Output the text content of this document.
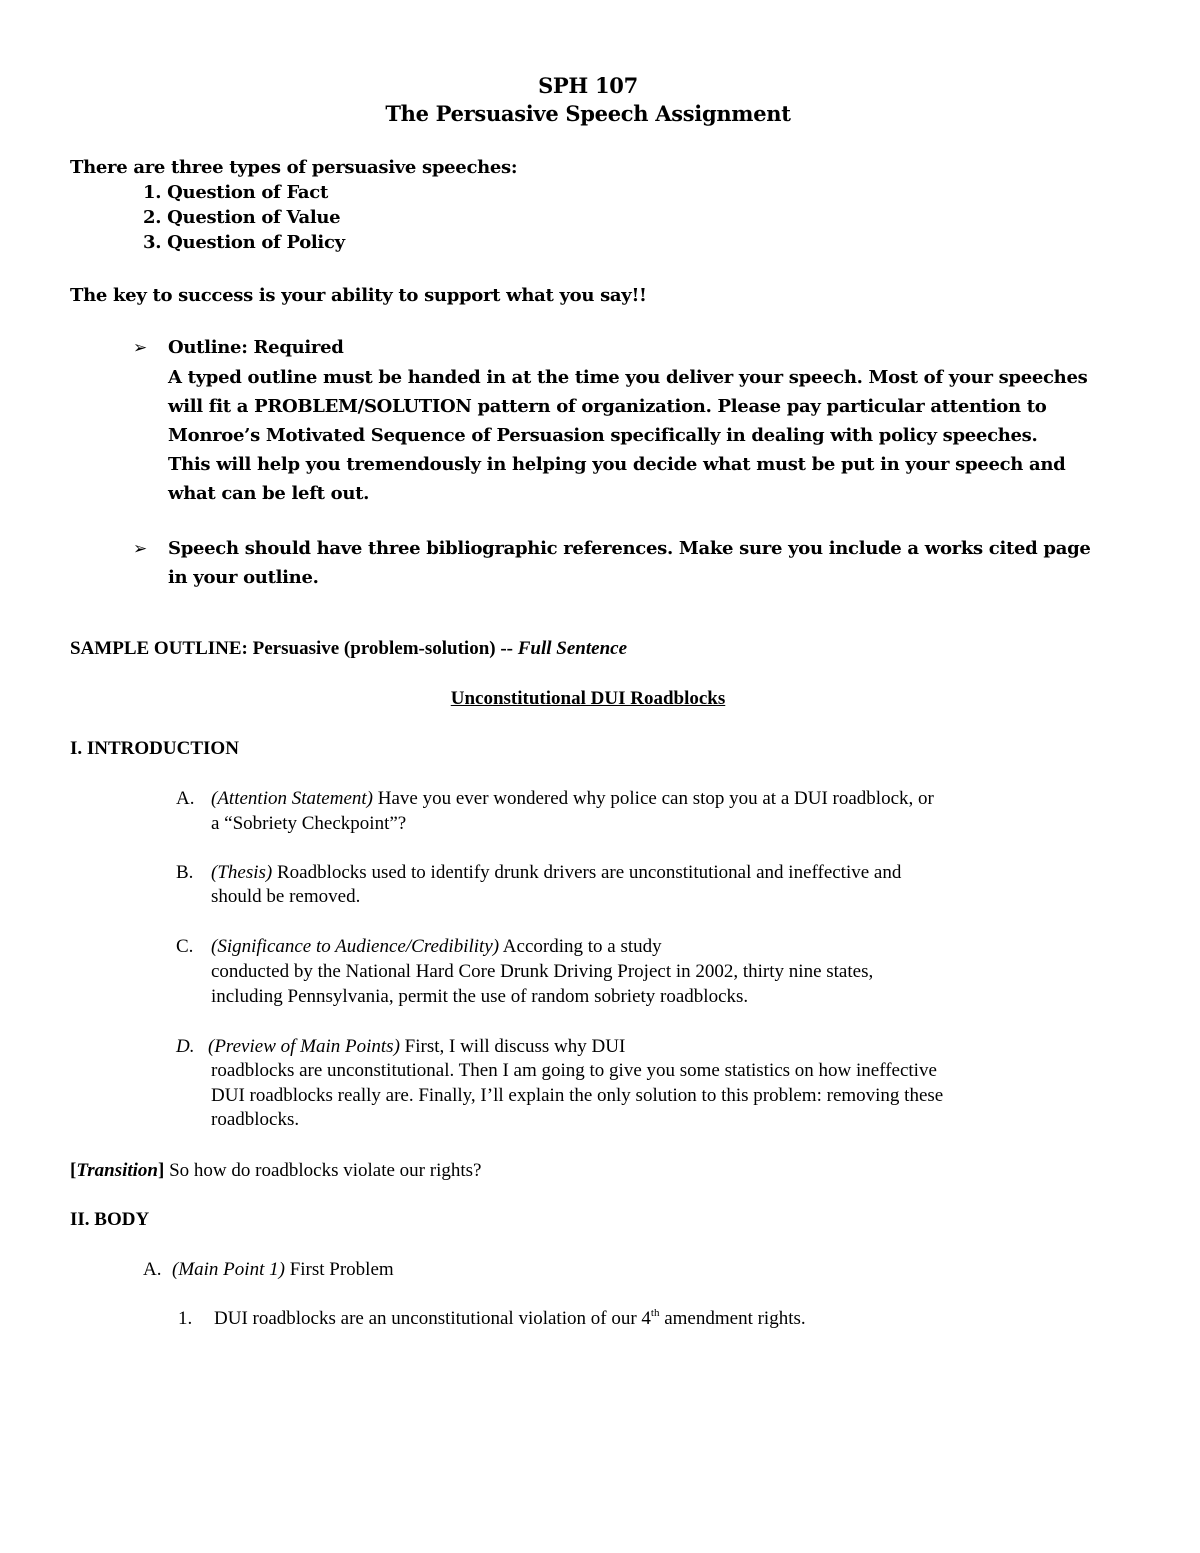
SPH 107
The Persuasive Speech Assignment
There are three types of persuasive speeches:
1. Question of Fact
2. Question of Value
3. Question of Policy
The key to success is your ability to support what you say!!
➢ Outline: Required
A typed outline must be handed in at the time you deliver your speech. Most of your speeches
will fit a PROBLEM/SOLUTION pattern of organization. Please pay particular attention to
Monroe’s Motivated Sequence of Persuasion specifically in dealing with policy speeches.
This will help you tremendously in helping you decide what must be put in your speech and
what can be left out.
➢ Speech should have three bibliographic references. Make sure you include a works cited page
in your outline.
SAMPLE OUTLINE: Persuasive (problem-solution) -- Full Sentence
Unconstitutional DUI Roadblocks
I. INTRODUCTION
A. (Attention Statement) Have you ever wondered why police can stop you at a DUI roadblock, or
a “Sobriety Checkpoint”?
B. (Thesis) Roadblocks used to identify drunk drivers are unconstitutional and ineffective and
should be removed.
C. (Significance to Audience/Credibility) According to a study
conducted by the National Hard Core Drunk Driving Project in 2002, thirty nine states,
including Pennsylvania, permit the use of random sobriety roadblocks.
D. (Preview of Main Points) First, I will discuss why DUI
roadblocks are unconstitutional. Then I am going to give you some statistics on how ineffective
DUI roadblocks really are. Finally, I’ll explain the only solution to this problem: removing these
roadblocks.
[Transition] So how do roadblocks violate our rights?
II. BODY
A. (Main Point 1) First Problem
1. DUI roadblocks are an unconstitutional violation of our 4th amendment rights.
